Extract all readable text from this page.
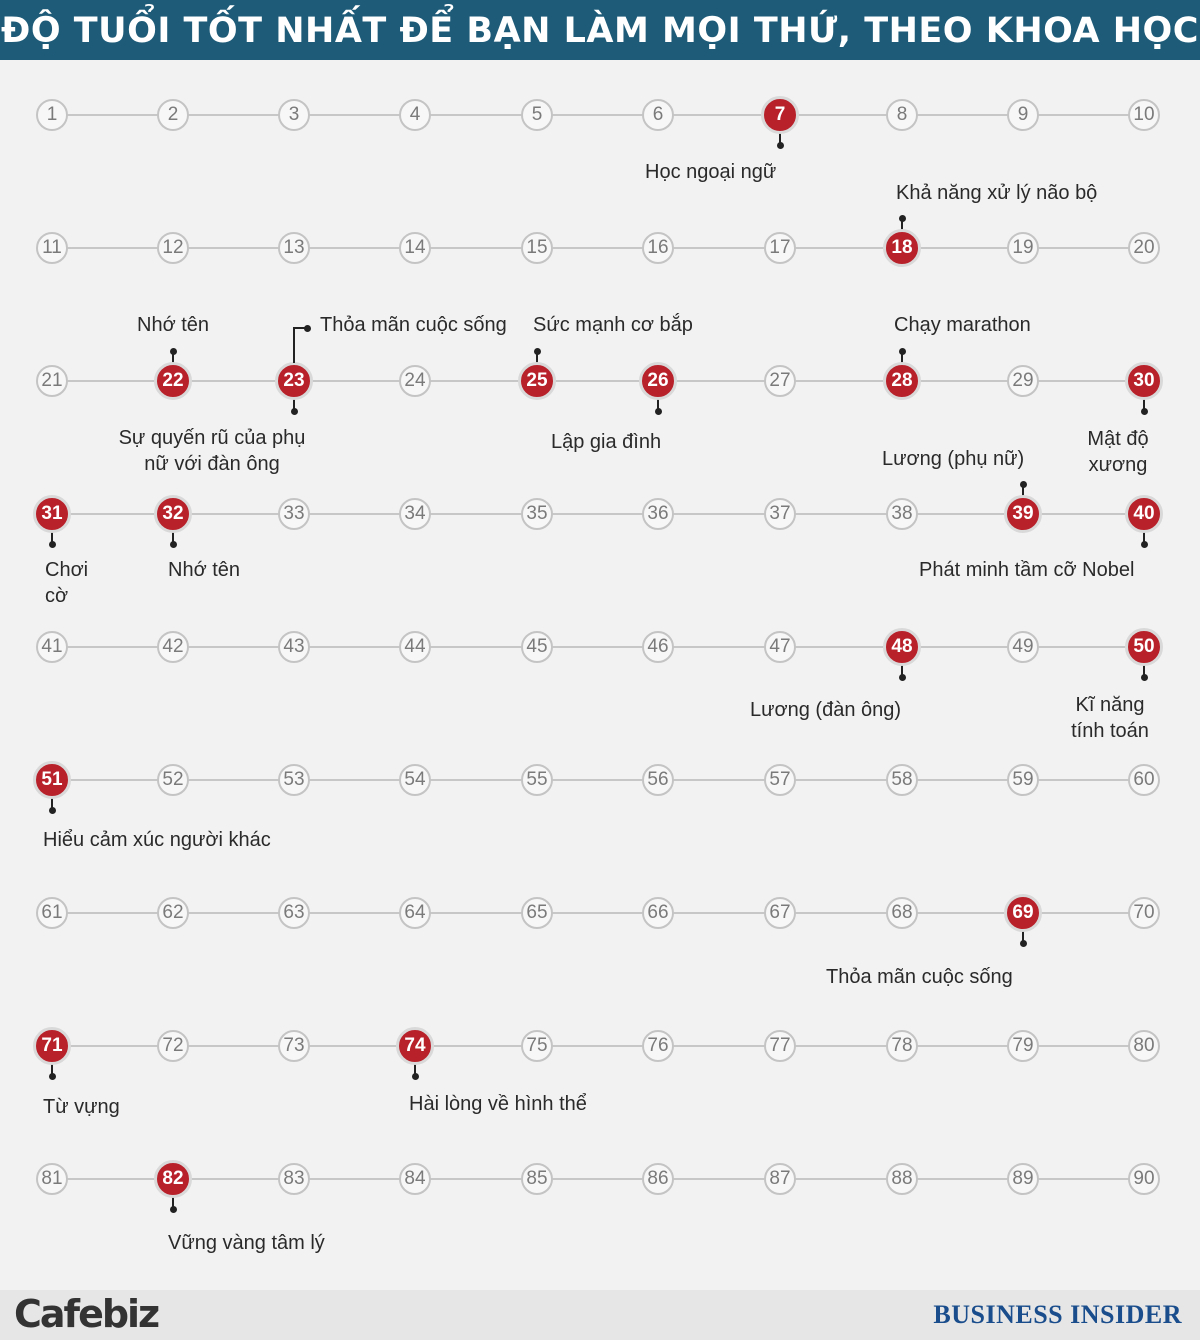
ĐỘ TUỔI TỐT NHẤT ĐỂ BẠN LÀM MỌI THỨ, THEO KHOA HỌC
1	2	3	4	5	6	7	8	9	10
11	12	13	14	15	16	17	18	19	20
21	22	23	24	25	26	27	28	29	30
31	32	33	34	35	36	37	38	39	40
41	42	43	44	45	46	47	48	49	50
51	52	53	54	55	56	57	58	59	60
61	62	63	64	65	66	67	68	69	70
71	72	73	74	75	76	77	78	79	80
81	82	83	84	85	86	87	88	89	90
Học ngoại ngữ
Khả năng xử lý não bộ
Nhớ tên
Sự quyến rũ của phụ nữ với đàn ông
Thỏa mãn cuộc sống Sức mạnh cơ bắp
Lập gia đình
Chạy marathon
Mật độ xương
Chơi cờ
Nhớ tên
Lương (phụ nữ)
Phát minh tầm cỡ Nobel
Lương (đàn ông)	Kĩ năng tính toán
Hiểu cảm xúc người khác
Thỏa mãn cuộc sống
Từ vựng	Hài lòng về hình thể
Vững vàng tâm lý
Cafebiz	BUSINESS INSIDER
